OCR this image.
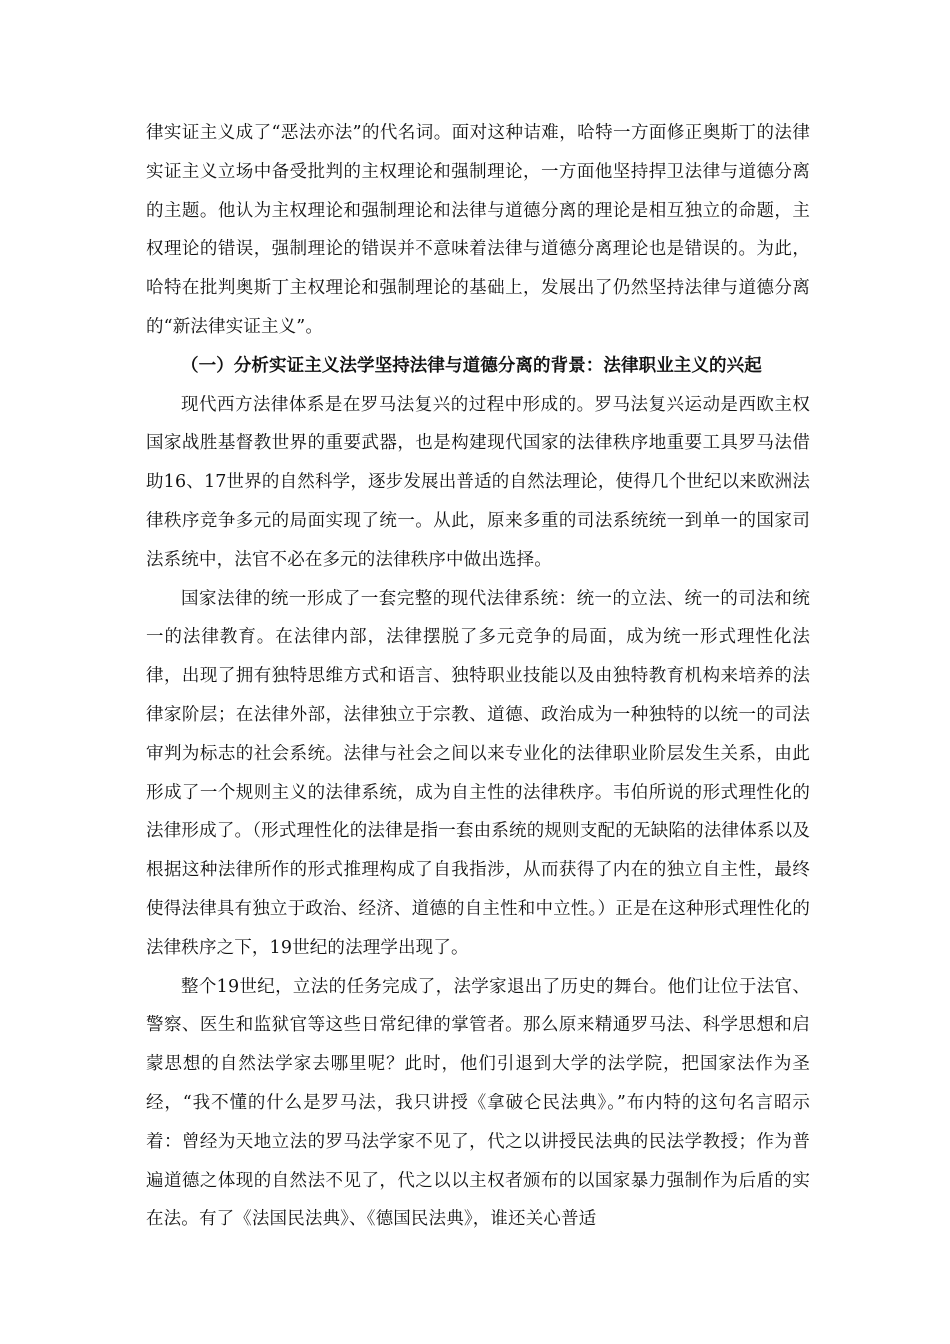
律实证主义成了“恶法亦法”的代名词。面对这种诘难，哈特一方面修正奥斯丁的法律实证主义立场中备受批判的主权理论和强制理论，一方面他坚持捍卫法律与道德分离的主题。他认为主权理论和强制理论和法律与道德分离的理论是相互独立的命题，主权理论的错误，强制理论的错误并不意味着法律与道德分离理论也是错误的。为此，哈特在批判奥斯丁主权理论和强制理论的基础上，发展出了仍然坚持法律与道德分离的“新法律实证主义”。

（一）分析实证主义法学坚持法律与道德分离的背景：法律职业主义的兴起

现代西方法律体系是在罗马法复兴的过程中形成的。罗马法复兴运动是西欧主权国家战胜基督教世界的重要武器，也是构建现代国家的法律秩序地重要工具罗马法借助16、17世界的自然科学，逐步发展出普适的自然法理论，使得几个世纪以来欧洲法律秩序竞争多元的局面实现了统一。从此，原来多重的司法系统统一到单一的国家司法系统中，法官不必在多元的法律秩序中做出选择。

国家法律的统一形成了一套完整的现代法律系统：统一的立法、统一的司法和统一的法律教育。在法律内部，法律摆脱了多元竞争的局面，成为统一形式理性化法律，出现了拥有独特思维方式和语言、独特职业技能以及由独特教育机构来培养的法律家阶层；在法律外部，法律独立于宗教、道德、政治成为一种独特的以统一的司法审判为标志的社会系统。法律与社会之间以来专业化的法律职业阶层发生关系，由此形成了一个规则主义的法律系统，成为自主性的法律秩序。韦伯所说的形式理性化的法律形成了。（形式理性化的法律是指一套由系统的规则支配的无缺陷的法律体系以及根据这种法律所作的形式推理构成了自我指涉，从而获得了内在的独立自主性，最终使得法律具有独立于政治、经济、道德的自主性和中立性。）正是在这种形式理性化的法律秩序之下，19世纪的法理学出现了。

整个19世纪，立法的任务完成了，法学家退出了历史的舞台。他们让位于法官、警察、医生和监狱官等这些日常纪律的掌管者。那么原来精通罗马法、科学思想和启蒙思想的自然法学家去哪里呢？此时，他们引退到大学的法学院，把国家法作为圣经，“我不懂的什么是罗马法，我只讲授《拿破仑民法典》。”布内特的这句名言昭示着：曾经为天地立法的罗马法学家不见了，代之以讲授民法典的民法学教授；作为普遍道德之体现的自然法不见了，代之以以主权者颁布的以国家暴力强制作为后盾的实在法。有了《法国民法典》、《德国民法典》，谁还关心普适
